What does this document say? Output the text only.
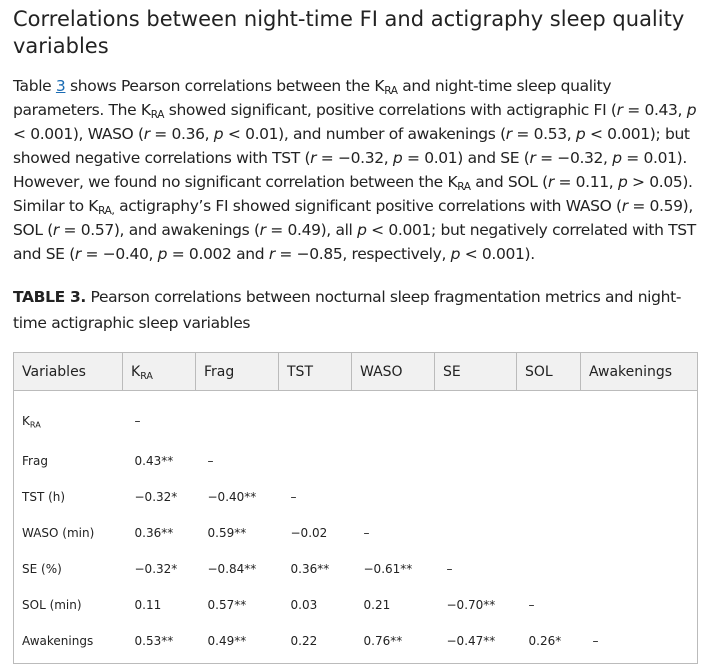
Correlations between night-time FI and actigraphy sleep quality variables

Table 3 shows Pearson correlations between the $K_{RA}$ and night-time sleep quality parameters. The $K_{RA}$ showed significant, positive correlations with actigraphic FI (r = 0.43, p < 0.001), WASO (r = 0.36, p < 0.01), and number of awakenings (r = 0.53, p < 0.001); but showed negative correlations with TST (r = −0.32, p = 0.01) and SE (r = −0.32, p = 0.01). However, we found no significant correlation between the $K_{RA}$ and SOL (r = 0.11, p > 0.05). Similar to $K_{RA,}$ actigraphy’s FI showed significant positive correlations with WASO (r = 0.59), SOL (r = 0.57), and awakenings (r = 0.49), all p < 0.001; but negatively correlated with TST and SE (r = −0.40, p = 0.002 and r = −0.85, respectively, p < 0.001).

TABLE 3. Pearson correlations between nocturnal sleep fragmentation metrics and night-time actigraphic sleep variables

Variables	$K_{RA}$	Frag	TST	WASO	SE	SOL	Awakenings
$K_{RA}$	–						
Frag	0.43**	–					
TST (h)	−0.32*	−0.40**	–				
WASO (min)	0.36**	0.59**	−0.02	–			
SE (%)	−0.32*	−0.84**	0.36**	−0.61**	–		
SOL (min)	0.11	0.57**	0.03	0.21	−0.70**	–	
Awakenings	0.53**	0.49**	0.22	0.76**	−0.47**	0.26*	–
